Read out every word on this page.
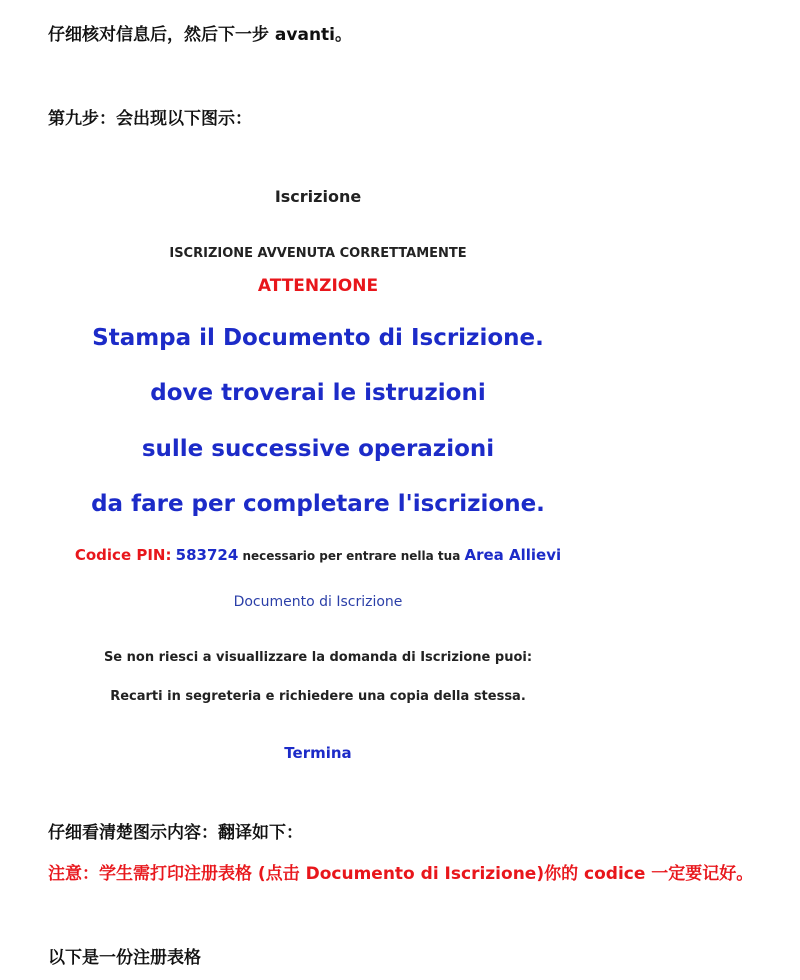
仔细核对信息后，然后下一步 avanti。

第九步：会出现以下图示：

Iscrizione
ISCRIZIONE AVVENUTA CORRETTAMENTE
ATTENZIONE
Stampa il Documento di Iscrizione.
dove troverai le istruzioni
sulle successive operazioni
da fare per completare l'iscrizione.
Codice PIN: 583724 necessario per entrare nella tua Area Allievi
Documento di Iscrizione
Se non riesci a visuallizzare la domanda di Iscrizione puoi:
Recarti in segreteria e richiedere una copia della stessa.
Termina

仔细看清楚图示内容：翻译如下：

注意：学生需打印注册表格 (点击 Documento di Iscrizione)你的 codice 一定要记好。

以下是一份注册表格
